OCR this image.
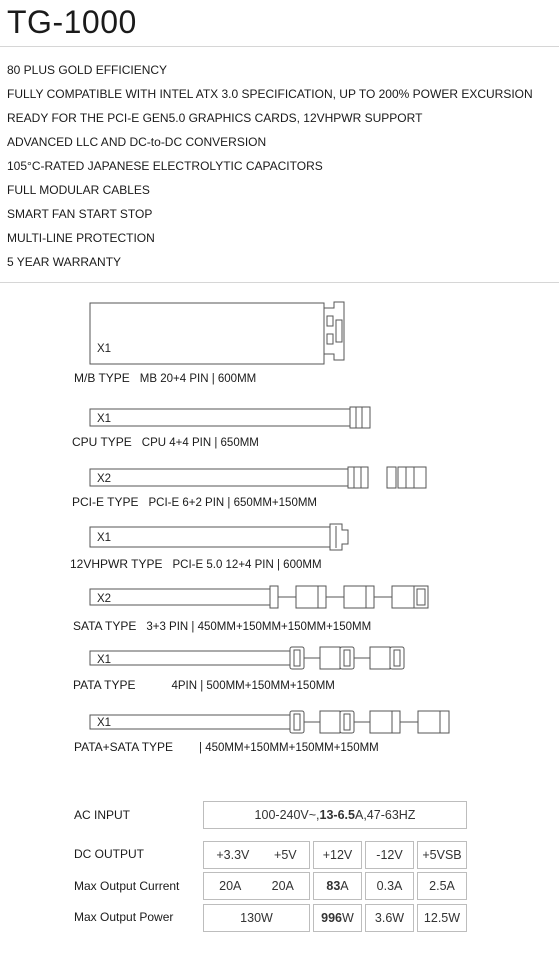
TG-1000
80 PLUS GOLD EFFICIENCY
FULLY COMPATIBLE WITH INTEL ATX 3.0 SPECIFICATION, UP TO 200% POWER EXCURSION
READY FOR THE PCI-E GEN5.0 GRAPHICS CARDS, 12VHPWR SUPPORT
ADVANCED LLC AND DC-to-DC CONVERSION
105°C-RATED JAPANESE ELECTROLYTIC CAPACITORS
FULL MODULAR CABLES
SMART FAN START STOP
MULTI-LINE PROTECTION
5 YEAR WARRANTY
X1
X1
X2
X1
X2
X1
X1
M/B TYPE MB 20+4 PIN | 600MM
CPU TYPE CPU 4+4 PIN | 650MM
PCI-E TYPE PCI-E 6+2 PIN | 650MM+150MM
12VHPWR TYPE PCI-E 5.0 12+4 PIN | 600MM
SATA TYPE 3+3 PIN | 450MM+150MM+150MM+150MM
PATA TYPE	4PIN | 500MM+150MM+150MM
PATA+SATA TYPE | 450MM+150MM+150MM+150MM
AC INPUT	100-240V~, 13-6.5 A,47-63HZ
DC OUTPUT	+3.3V +5V	+12V	-12V	+5VSB
Max Output Current	20A 20A	83 A	0.3A	2.5A
Max Output Power	130W	996 W	3.6W	12.5W
